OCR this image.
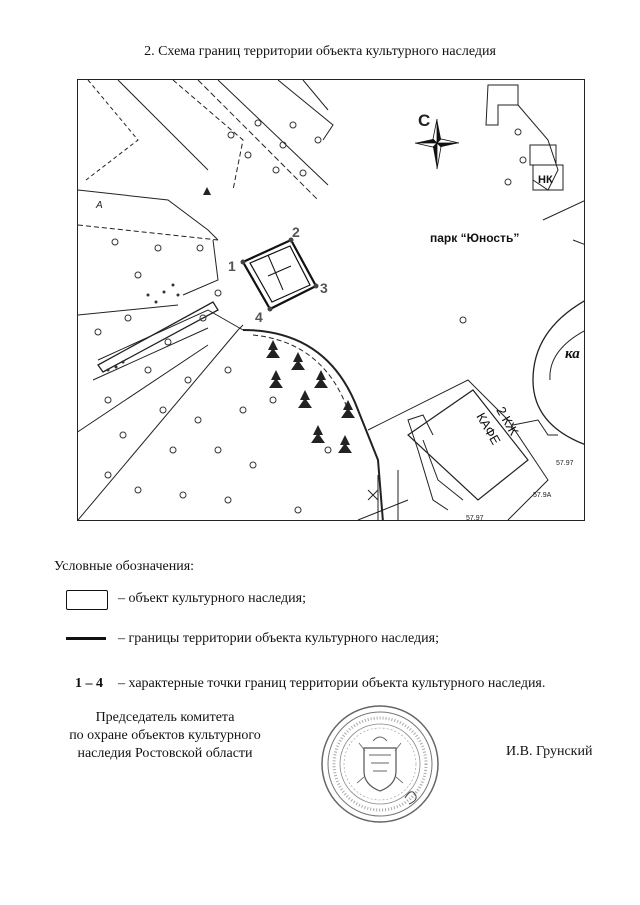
2. Схема границ территории объекта культурного наследия
С
парк “Юность”
1
2
3
4
НК
ка
А
2 КЖ
КАФЕ
57.97
57.9А
57.97
Условные обозначения:
– объект культурного наследия;
– границы территории объекта культурного наследия;
1 – 4 – характерные точки границ территории объекта культурного наследия.
Председатель комитета
по охране объектов культурного
наследия Ростовской области	И.В. Грунский
